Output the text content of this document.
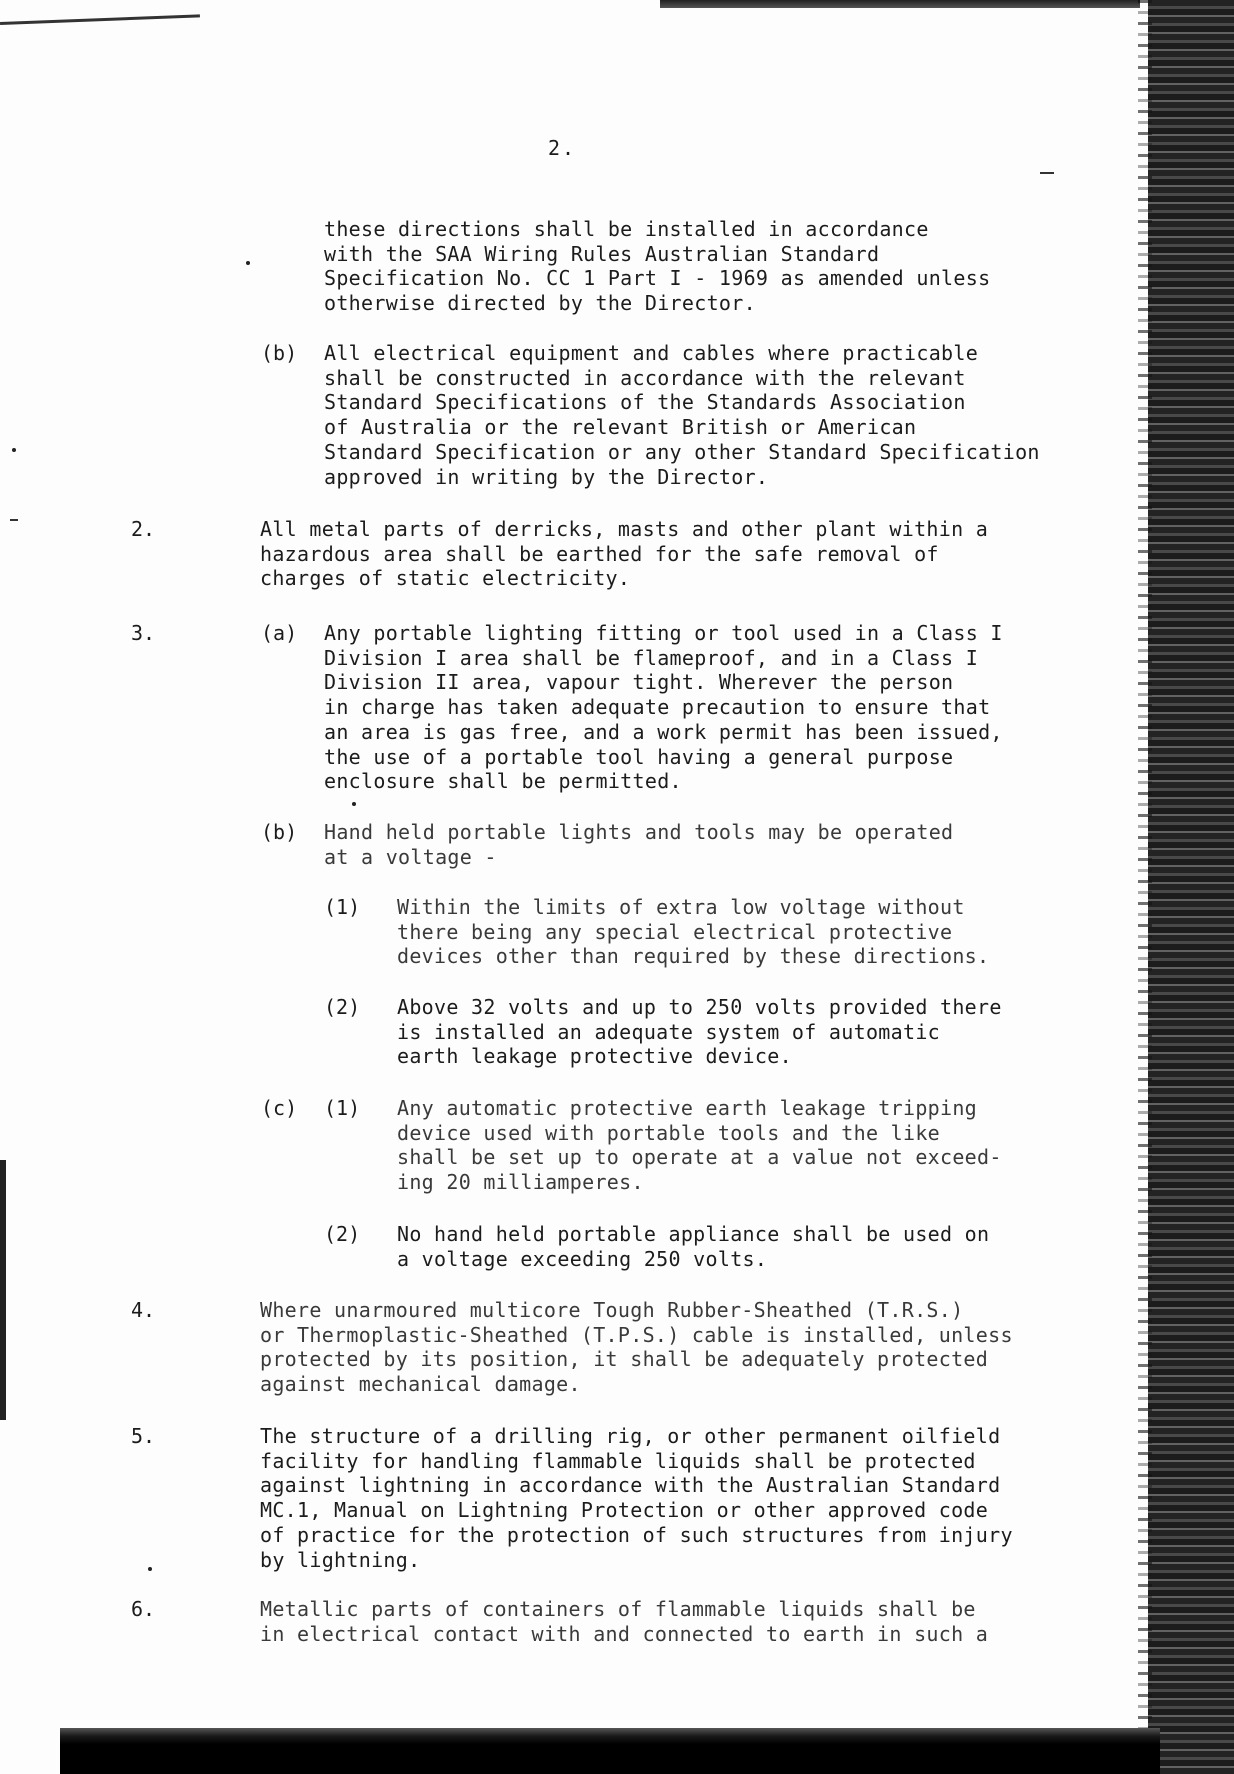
2.
these directions shall be installed in accordance
with the SAA Wiring Rules Australian Standard
Specification No. CC 1 Part I - 1969 as amended unless
otherwise directed by the Director.
(b) All electrical equipment and cables where practicable
shall be constructed in accordance with the relevant
Standard Specifications of the Standards Association
of Australia or the relevant British or American
Standard Specification or any other Standard Specification
approved in writing by the Director.
2.	All metal parts of derricks, masts and other plant within a
hazardous area shall be earthed for the safe removal of
charges of static electricity.
3.	(a) Any portable lighting fitting or tool used in a Class I
Division I area shall be flameproof, and in a Class I
Division II area, vapour tight. Wherever the person
in charge has taken adequate precaution to ensure that
an area is gas free, and a work permit has been issued,
the use of a portable tool having a general purpose
enclosure shall be permitted.
(b) Hand held portable lights and tools may be operated
at a voltage -
(1) Within the limits of extra low voltage without
there being any special electrical protective
devices other than required by these directions.
(2) Above 32 volts and up to 250 volts provided there
is installed an adequate system of automatic
earth leakage protective device.
(c) (1) Any automatic protective earth leakage tripping
device used with portable tools and the like
shall be set up to operate at a value not exceed-
ing 20 milliamperes.
(2) No hand held portable appliance shall be used on
a voltage exceeding 250 volts.
4.	Where unarmoured multicore Tough Rubber-Sheathed (T.R.S.)
or Thermoplastic-Sheathed (T.P.S.) cable is installed, unless
protected by its position, it shall be adequately protected
against mechanical damage.
5.	The structure of a drilling rig, or other permanent oilfield
facility for handling flammable liquids shall be protected
against lightning in accordance with the Australian Standard
MC.1, Manual on Lightning Protection or other approved code
of practice for the protection of such structures from injury
by lightning.
6.	Metallic parts of containers of flammable liquids shall be
in electrical contact with and connected to earth in such a
